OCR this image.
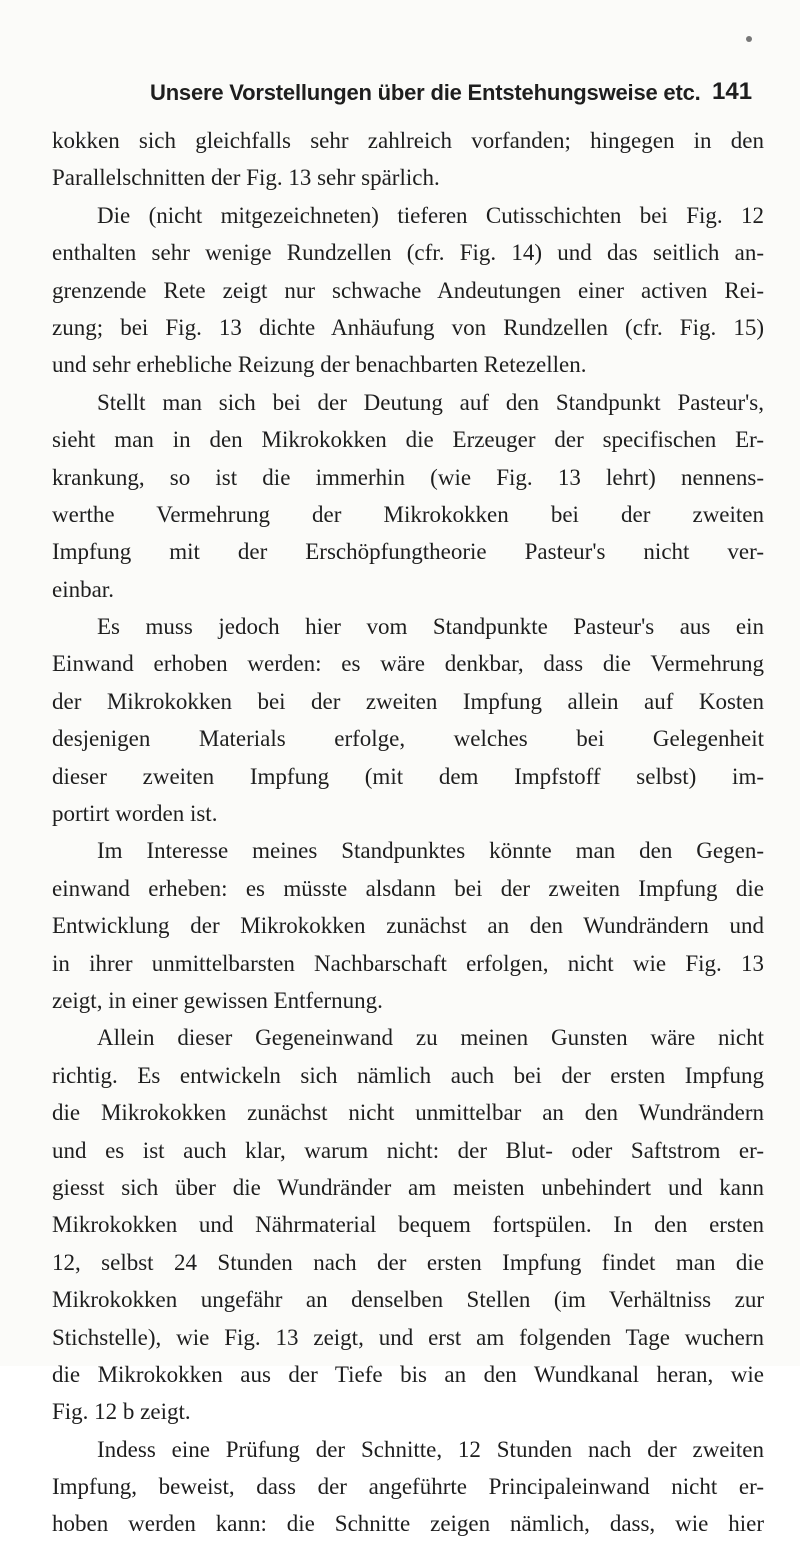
Unsere Vorstellungen über die Entstehungsweise etc. 141
kokken sich gleichfalls sehr zahlreich vorfanden; hingegen in den
Parallelschnitten der Fig. 13 sehr spärlich.
Die (nicht mitgezeichneten) tieferen Cutisschichten bei Fig. 12
enthalten sehr wenige Rundzellen (cfr. Fig. 14) und das seitlich an-
grenzende Rete zeigt nur schwache Andeutungen einer activen Rei-
zung; bei Fig. 13 dichte Anhäufung von Rundzellen (cfr. Fig. 15)
und sehr erhebliche Reizung der benachbarten Retezellen.
Stellt man sich bei der Deutung auf den Standpunkt Pasteur's,
sieht man in den Mikrokokken die Erzeuger der specifischen Er-
krankung, so ist die immerhin (wie Fig. 13 lehrt) nennens-
werthe Vermehrung der Mikrokokken bei der zweiten
Impfung mit der Erschöpfungtheorie Pasteur's nicht ver-
einbar.
Es muss jedoch hier vom Standpunkte Pasteur's aus ein
Einwand erhoben werden: es wäre denkbar, dass die Vermehrung
der Mikrokokken bei der zweiten Impfung allein auf Kosten
desjenigen Materials erfolge, welches bei Gelegenheit
dieser zweiten Impfung (mit dem Impfstoff selbst) im-
portirt worden ist.
Im Interesse meines Standpunktes könnte man den Gegen-
einwand erheben: es müsste alsdann bei der zweiten Impfung die
Entwicklung der Mikrokokken zunächst an den Wundrändern und
in ihrer unmittelbarsten Nachbarschaft erfolgen, nicht wie Fig. 13
zeigt, in einer gewissen Entfernung.
Allein dieser Gegeneinwand zu meinen Gunsten wäre nicht
richtig. Es entwickeln sich nämlich auch bei der ersten Impfung
die Mikrokokken zunächst nicht unmittelbar an den Wundrändern
und es ist auch klar, warum nicht: der Blut- oder Saftstrom er-
giesst sich über die Wundränder am meisten unbehindert und kann
Mikrokokken und Nährmaterial bequem fortspülen. In den ersten
12, selbst 24 Stunden nach der ersten Impfung findet man die
Mikrokokken ungefähr an denselben Stellen (im Verhältniss zur
Stichstelle), wie Fig. 13 zeigt, und erst am folgenden Tage wuchern
die Mikrokokken aus der Tiefe bis an den Wundkanal heran, wie
Fig. 12 b zeigt.
Indess eine Prüfung der Schnitte, 12 Stunden nach der zweiten
Impfung, beweist, dass der angeführte Principaleinwand nicht er-
hoben werden kann: die Schnitte zeigen nämlich, dass, wie hier
